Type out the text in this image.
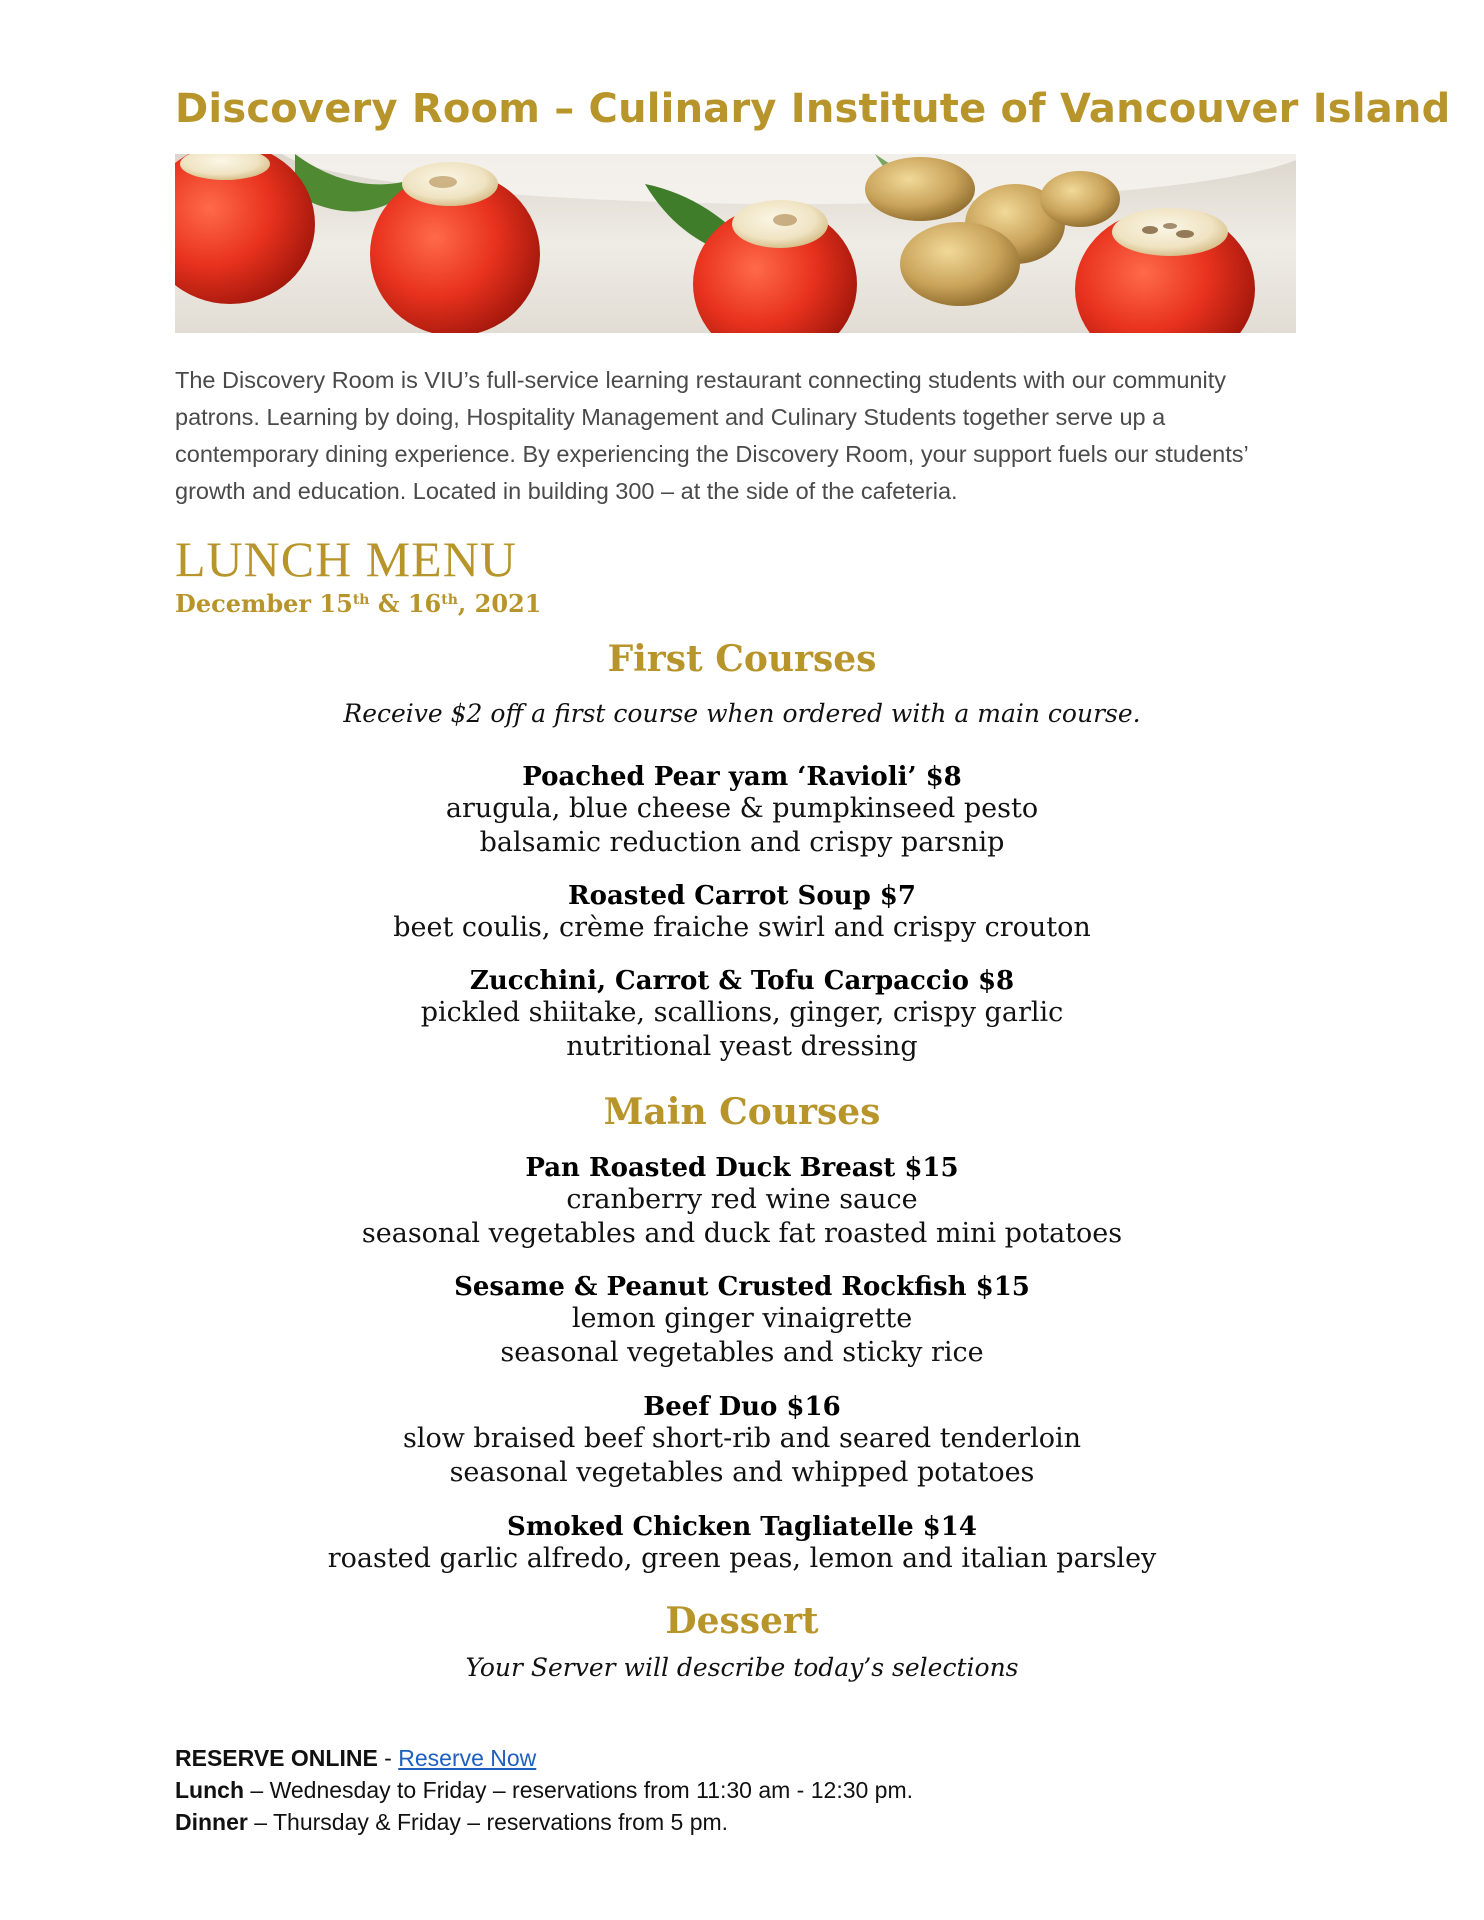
Discovery Room – Culinary Institute of Vancouver Island
The Discovery Room is VIU’s full-service learning restaurant connecting students with our community
patrons. Learning by doing, Hospitality Management and Culinary Students together serve up a
contemporary dining experience. By experiencing the Discovery Room, your support fuels our students’
growth and education. Located in building 300 – at the side of the cafeteria.
LUNCH MENU
December 15th & 16th, 2021
First Courses
Receive $2 off a first course when ordered with a main course.
Poached Pear yam ‘Ravioli’ $8
arugula, blue cheese & pumpkinseed pesto
balsamic reduction and crispy parsnip
Roasted Carrot Soup $7
beet coulis, crème fraiche swirl and crispy crouton
Zucchini, Carrot & Tofu Carpaccio $8
pickled shiitake, scallions, ginger, crispy garlic
nutritional yeast dressing
Main Courses
Pan Roasted Duck Breast $15
cranberry red wine sauce
seasonal vegetables and duck fat roasted mini potatoes
Sesame & Peanut Crusted Rockfish $15
lemon ginger vinaigrette
seasonal vegetables and sticky rice
Beef Duo $16
slow braised beef short-rib and seared tenderloin
seasonal vegetables and whipped potatoes
Smoked Chicken Tagliatelle $14
roasted garlic alfredo, green peas, lemon and italian parsley
Dessert
Your Server will describe today’s selections
RESERVE ONLINE - Reserve Now
Lunch – Wednesday to Friday – reservations from 11:30 am - 12:30 pm.
Dinner – Thursday & Friday – reservations from 5 pm.
